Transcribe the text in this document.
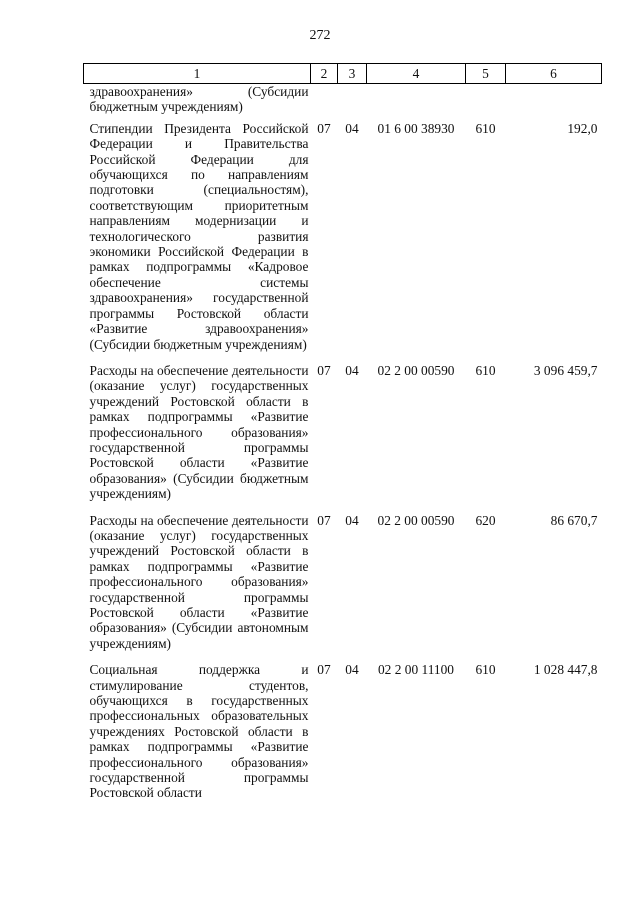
272
1	2	3	4	5	6
здравоохранения» (Субсидии бюджетным учреждениям)					
Стипендии Президента Российской Федерации и Правительства Российской Федерации для обучающихся по направлениям подготовки (специальностям), соответствующим приоритетным направлениям модернизации и технологического развития экономики Российской Федерации в рамках подпрограммы «Кадровое обеспечение системы здравоохранения» государственной программы Ростовской области «Развитие здравоохранения» (Субсидии бюджетным учреждениям)	07	04	01 6 00 38930	610	192,0
Расходы на обеспечение деятельности (оказание услуг) государственных учреждений Ростовской области в рамках подпрограммы «Развитие профессионального образования» государственной программы Ростовской области «Развитие образования» (Субсидии бюджетным учреждениям)	07	04	02 2 00 00590	610	3 096 459,7
Расходы на обеспечение деятельности (оказание услуг) государственных учреждений Ростовской области в рамках подпрограммы «Развитие профессионального образования» государственной программы Ростовской области «Развитие образования» (Субсидии автономным учреждениям)	07	04	02 2 00 00590	620	86 670,7
Социальная поддержка и стимулирование студентов, обучающихся в государственных профессиональных образовательных учреждениях Ростовской области в рамках подпрограммы «Развитие профессионального образования» государственной программы Ростовской области	07	04	02 2 00 11100	610	1 028 447,8
